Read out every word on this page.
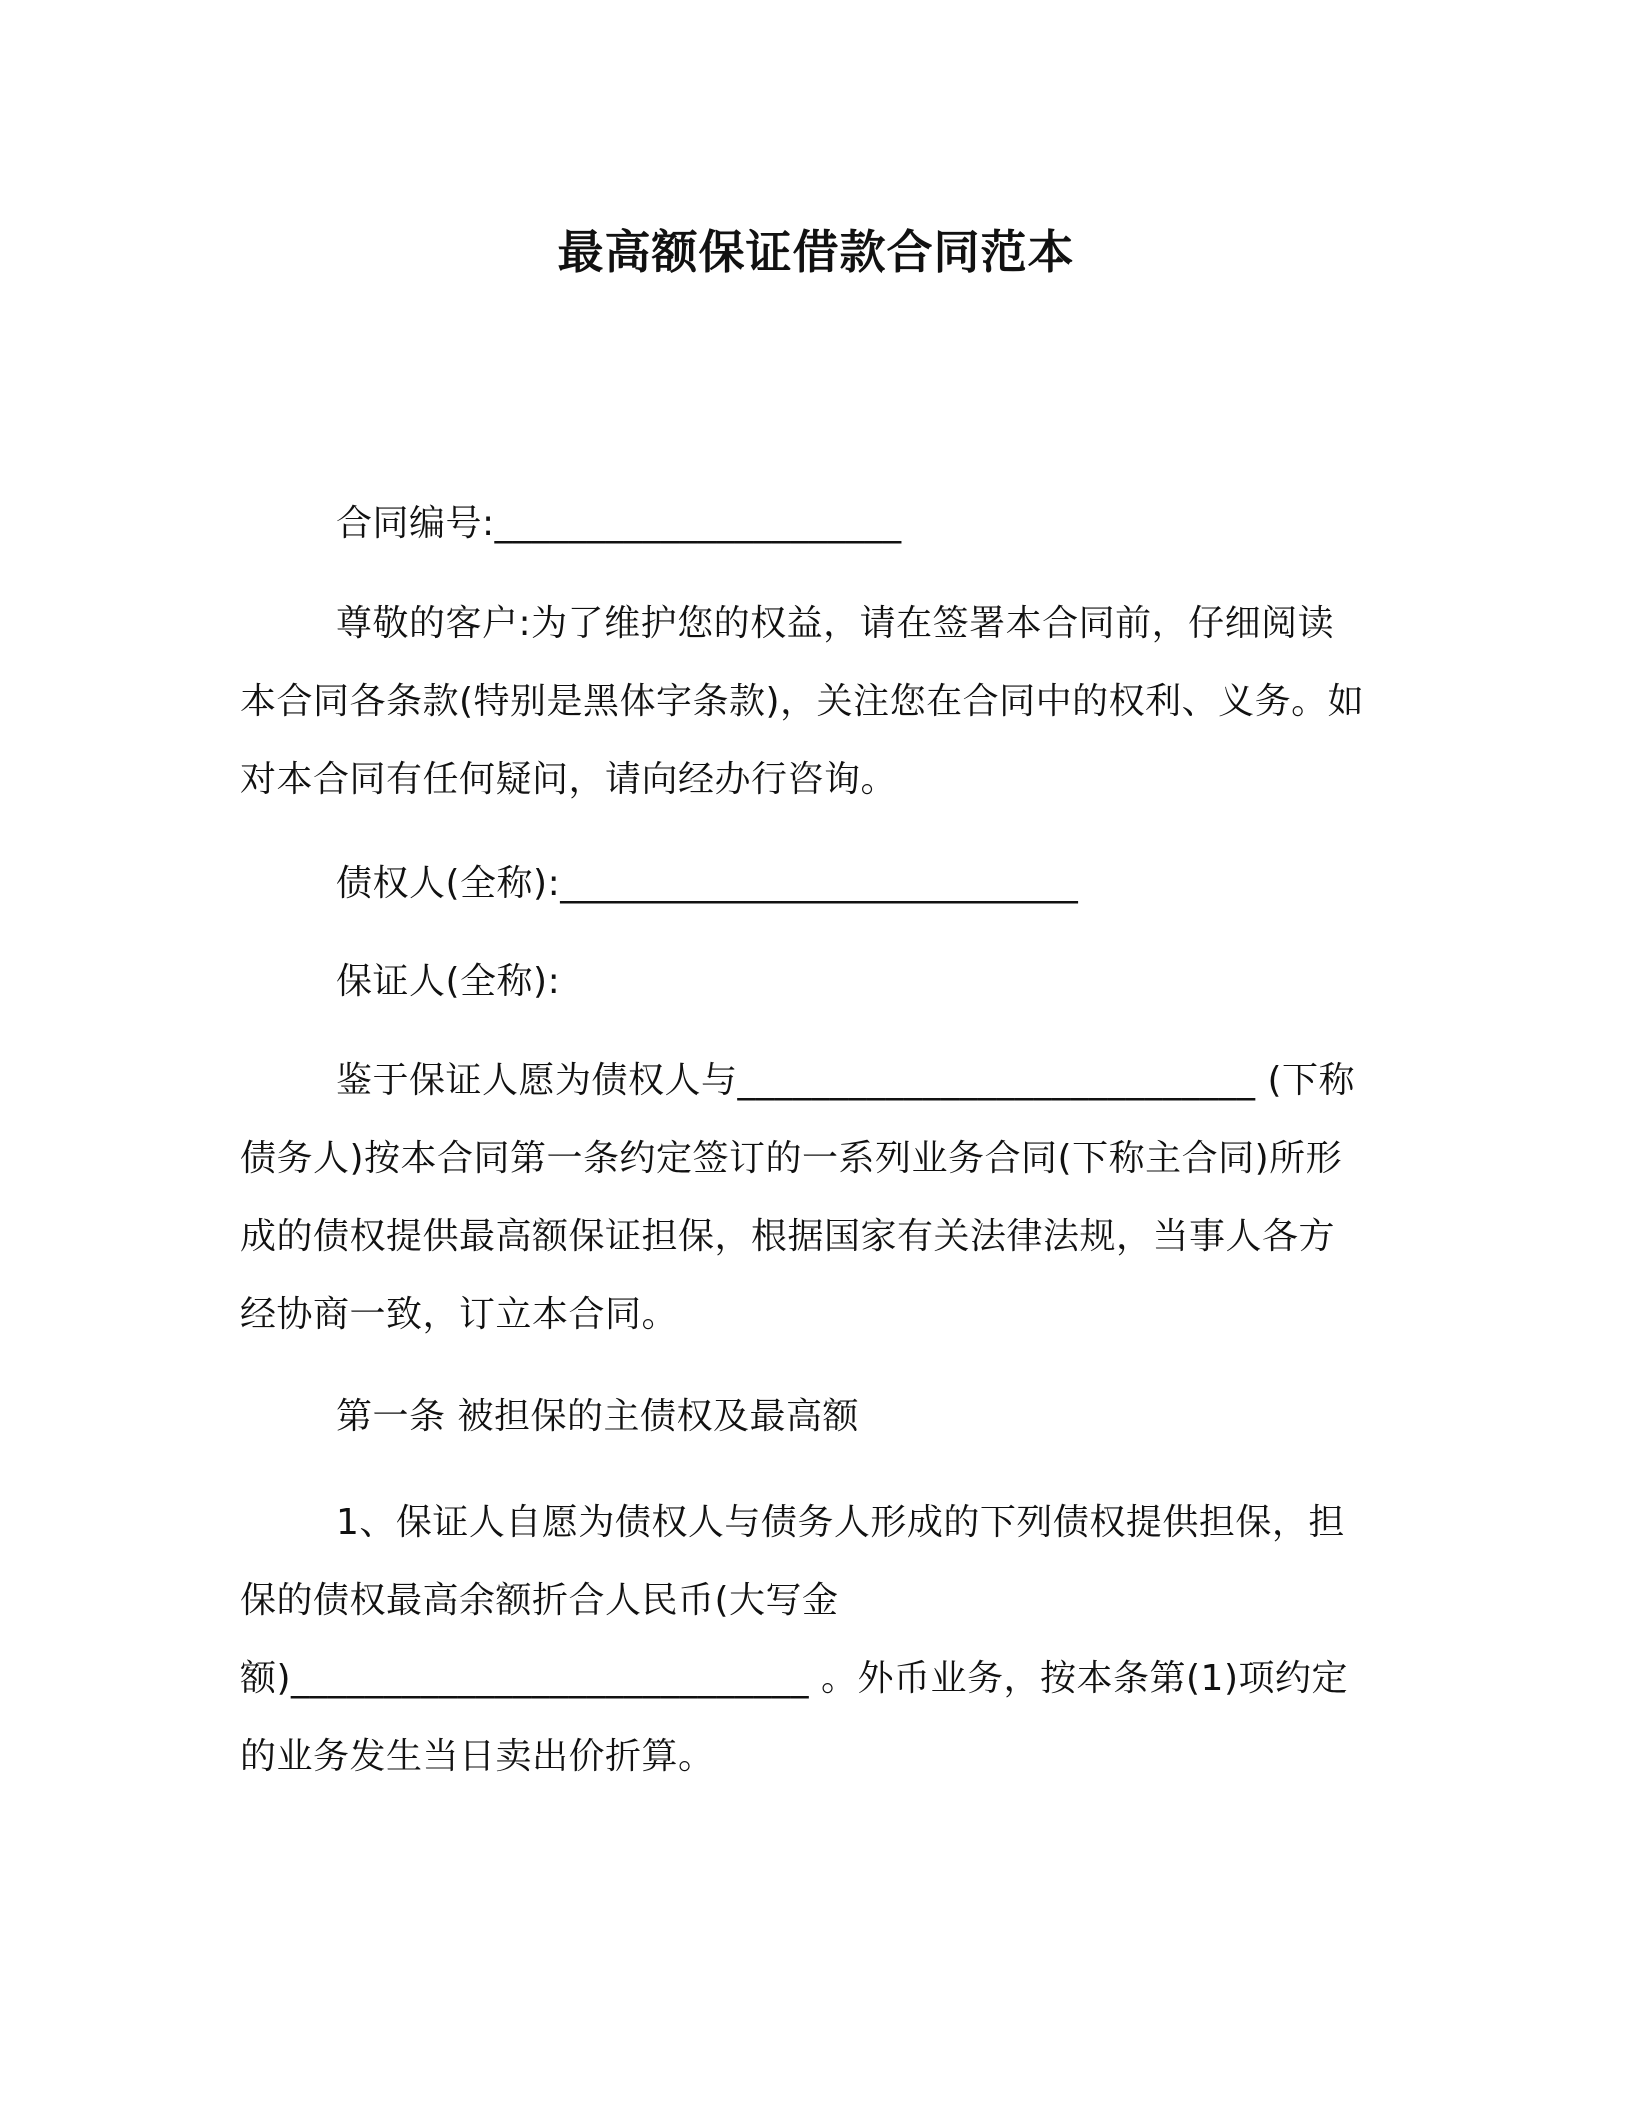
最高额保证借款合同范本

合同编号:______________________

尊敬的客户:为了维护您的权益，请在签署本合同前，仔细阅读
本合同各条款(特别是黑体字条款)，关注您在合同中的权利、义务。如
对本合同有任何疑问，请向经办行咨询。

债权人(全称):____________________________

保证人(全称):

鉴于保证人愿为债权人与____________________________ (下称
债务人)按本合同第一条约定签订的一系列业务合同(下称主合同)所形
成的债权提供最高额保证担保，根据国家有关法律法规，当事人各方
经协商一致，订立本合同。

第一条 被担保的主债权及最高额

1、保证人自愿为债权人与债务人形成的下列债权提供担保，担
保的债权最高余额折合人民币(大写金
额)____________________________ 。外币业务，按本条第(1)项约定
的业务发生当日卖出价折算。
